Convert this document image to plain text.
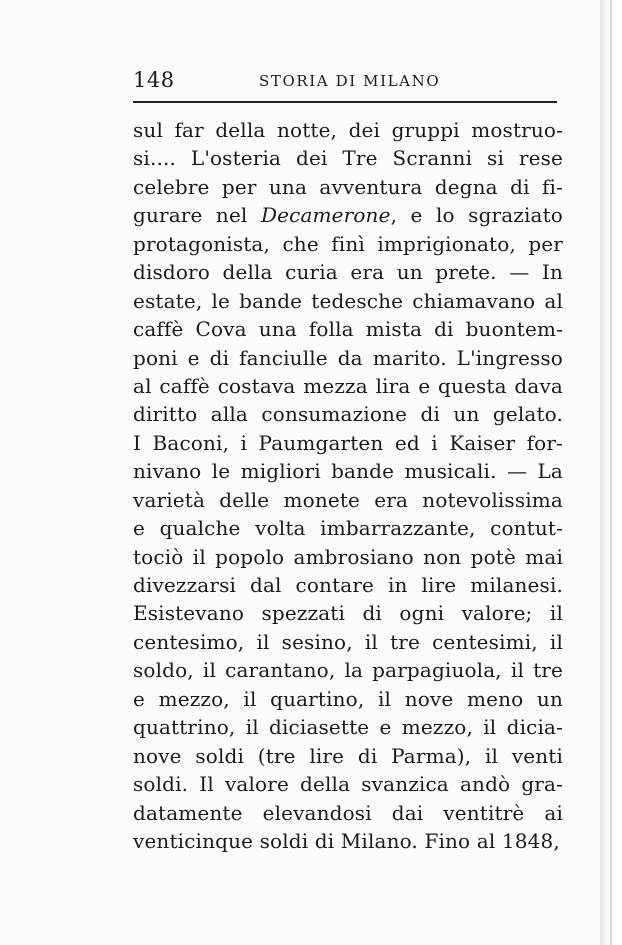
148	STORIA DI MILANO
sul far della notte, dei gruppi mostruo-
si.... L'osteria dei Tre Scranni si rese
celebre per una avventura degna di fi-
gurare nel Decamerone, e lo sgraziato
protagonista, che finì imprigionato, per
disdoro della curia era un prete. — In
estate, le bande tedesche chiamavano al
caffè Cova una folla mista di buontem-
poni e di fanciulle da marito. L'ingresso
al caffè costava mezza lira e questa dava
diritto alla consumazione di un gelato.
I Baconi, i Paumgarten ed i Kaiser for-
nivano le migliori bande musicali. — La
varietà delle monete era notevolissima
e qualche volta imbarrazzante, contut-
tociò il popolo ambrosiano non potè mai
divezzarsi dal contare in lire milanesi.
Esistevano spezzati di ogni valore; il
centesimo, il sesino, il tre centesimi, il
soldo, il carantano, la parpagiuola, il tre
e mezzo, il quartino, il nove meno un
quattrino, il diciasette e mezzo, il dicia-
nove soldi (tre lire di Parma), il venti
soldi. Il valore della svanzica andò gra-
datamente elevandosi dai ventitrè ai
venticinque soldi di Milano. Fino al 1848,
